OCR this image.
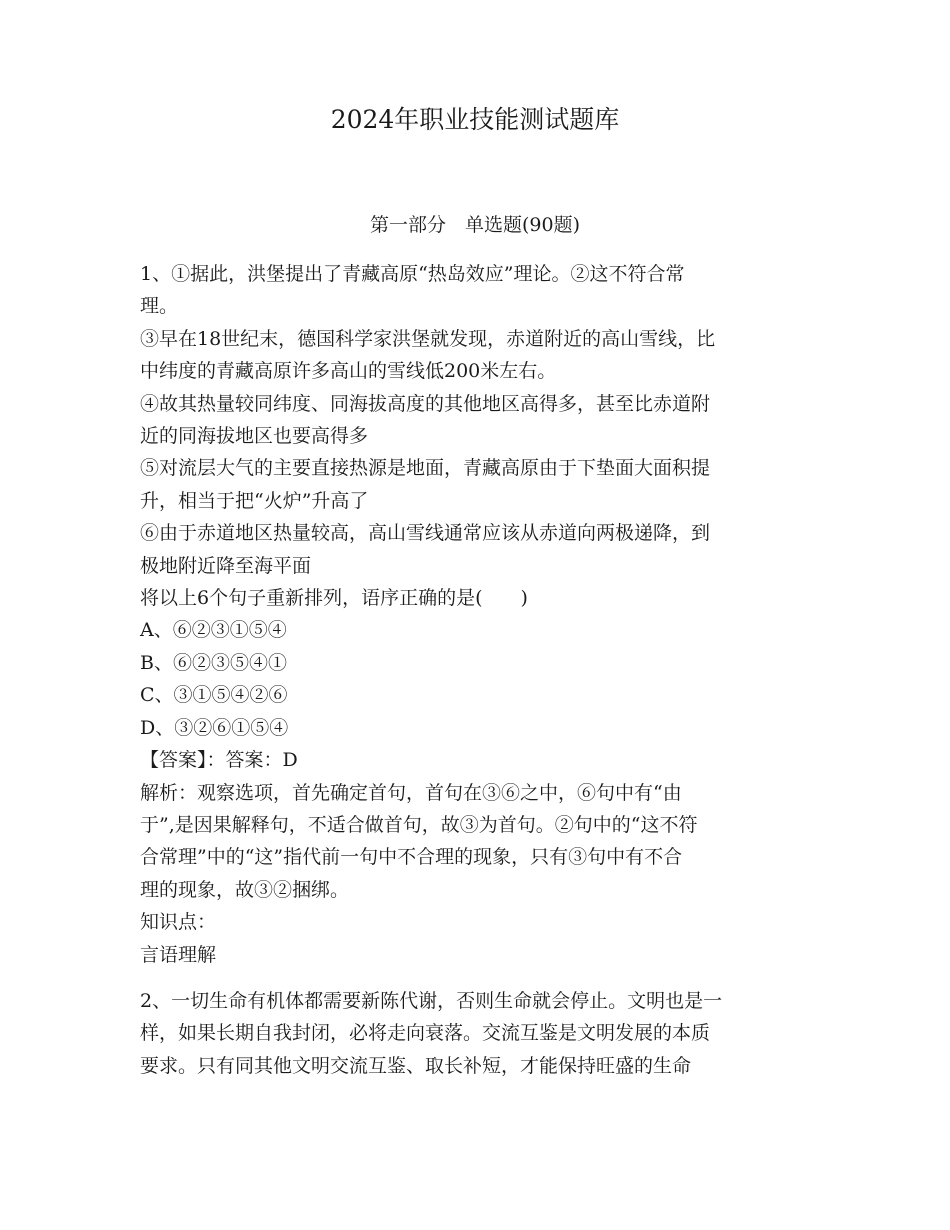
2024年职业技能测试题库
第一部分　单选题(90题)

1、①据此，洪堡提出了青藏高原“热岛效应”理论。②这不符合常

理。

③早在18世纪末，德国科学家洪堡就发现，赤道附近的高山雪线，比

中纬度的青藏高原许多高山的雪线低200米左右。

④故其热量较同纬度、同海拔高度的其他地区高得多，甚至比赤道附

近的同海拔地区也要高得多

⑤对流层大气的主要直接热源是地面，青藏高原由于下垫面大面积提

升，相当于把“火炉”升高了

⑥由于赤道地区热量较高，高山雪线通常应该从赤道向两极递降，到

极地附近降至海平面

将以上6个句子重新排列，语序正确的是(　　)

A、⑥②③①⑤④

B、⑥②③⑤④①

C、③①⑤④②⑥

D、③②⑥①⑤④

【答案】：答案：D

解析：观察选项，首先确定首句，首句在③⑥之中，⑥句中有“由

于”,是因果解释句，不适合做首句，故③为首句。②句中的“这不符

合常理”中的“这”指代前一句中不合理的现象，只有③句中有不合

理的现象，故③②捆绑。

知识点：

言语理解

2、一切生命有机体都需要新陈代谢，否则生命就会停止。文明也是一

样，如果长期自我封闭，必将走向衰落。交流互鉴是文明发展的本质

要求。只有同其他文明交流互鉴、取长补短，才能保持旺盛的生命
